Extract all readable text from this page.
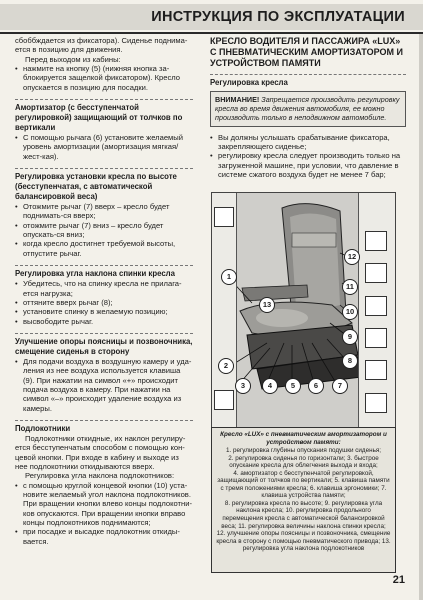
ИНСТРУКЦИЯ ПО ЭКСПЛУАТАЦИИ

сбоббждается из фиксатора). Сиденье поднима-

ется в позицию для движения.

Перед выходом из кабины:

• нажмите на кнопку (5) (нижняя кнопка за- блокируется защелкой фиксатором). Кресло опускается в позицию для посадки.

Амортизатор (с бесступенчатой регулировкой) защищающий от толчков по вертикали

• С помощью рычага (6) установите желаемый уровень амортизации (амортизация мягкая/жест-кая).

Регулировка установки кресла по высоте (бесступенчатая, с автоматической балансировкой веса)

• Отожмите рычаг (7) вверх – кресло будет поднимать-ся вверх;
• отожмите рычаг (7) вниз – кресло будет опускать-ся вниз;
• когда кресло достигнет требуемой высоты, отпустите рычаг.

Регулировка угла наклона спинки кресла

• Убедитесь, что на спинку кресла не прилага-ется нагрузка;
• оттяните вверх рычаг (8);
• установите спинку в желаемую позицию;
• высвободите рычаг.

Улучшение опоры поясницы и позвоночника, смещение сиденья в сторону

• Для подачи воздуха в воздушную камеру и уда-ления из нее воздуха используется клавиша (9). При нажатии на символ «+» происходит подача воздуха в камеру. При нажатии на символ «–» происходит удаление воздуха из камеры.

Подлокотники

Подлокотники откидные, их наклон регулиру-ется бесступенчатым способом с помощью кон-цевой кнопки. При входе в кабину и выходе из нее подлокотники откидываются вверх.

Регулировка угла наклона подлокотников:

• с помощью круглой концевой кнопки (10) уста-новите желаемый угол наклона подлокотников. При вращении кнопки влево концы подлокотни-ков опускаются. При вращении кнопки вправо концы подлокотников поднимаются;
• при посадке и высадке подлокотник откиды-вается.

КРЕСЛО ВОДИТЕЛЯ И ПАССАЖИРА «LUX» С ПНЕВМАТИЧЕСКИМ АМОРТИЗАТОРОМ И УСТРОЙСТВОМ ПАМЯТИ

Регулировка кресла

ВНИМАНИЕ! Запрещается производить регулировку кресла во время движения автомобиля, ее можно производить только в неподвижном автомобиле.
• Вы должны услышать срабатывание фиксатора, закрепляющего сиденье;
• регулировку кресла следует производить только на загруженной машине, при условии, что давление в системе сжатого воздуха будет не менее 7 бар;
1
2
3	4	5	6	7
8
9
10
11
12
13
Кресло «LUX» с пневматическим амортизатором и устройством памяти:
1. регулировка глубины опускания подушки сиденья;
2. регулировка сиденья по горизонтали; 3. быстрое опускание кресла для облегчения выхода и входа;
4. амортизатор с бесступенчатой регулировкой, защищающий от толчков по вертикали; 5. клавиша памяти с тремя положениями кресла; 6. клавиша эргономики; 7. клавиша устройства памяти;
8. регулировка кресла по высоте; 9. регулировка угла наклона кресла; 10. регулировка продольного перемещения кресла с автоматической балансировкой веса; 11. регулировка величины наклона спинки кресла;
12. улучшение опоры поясницы и позвоночника, смещение кресла в сторону с помощью пневматического привода; 13. регулировка угла наклона подлокотников
21
